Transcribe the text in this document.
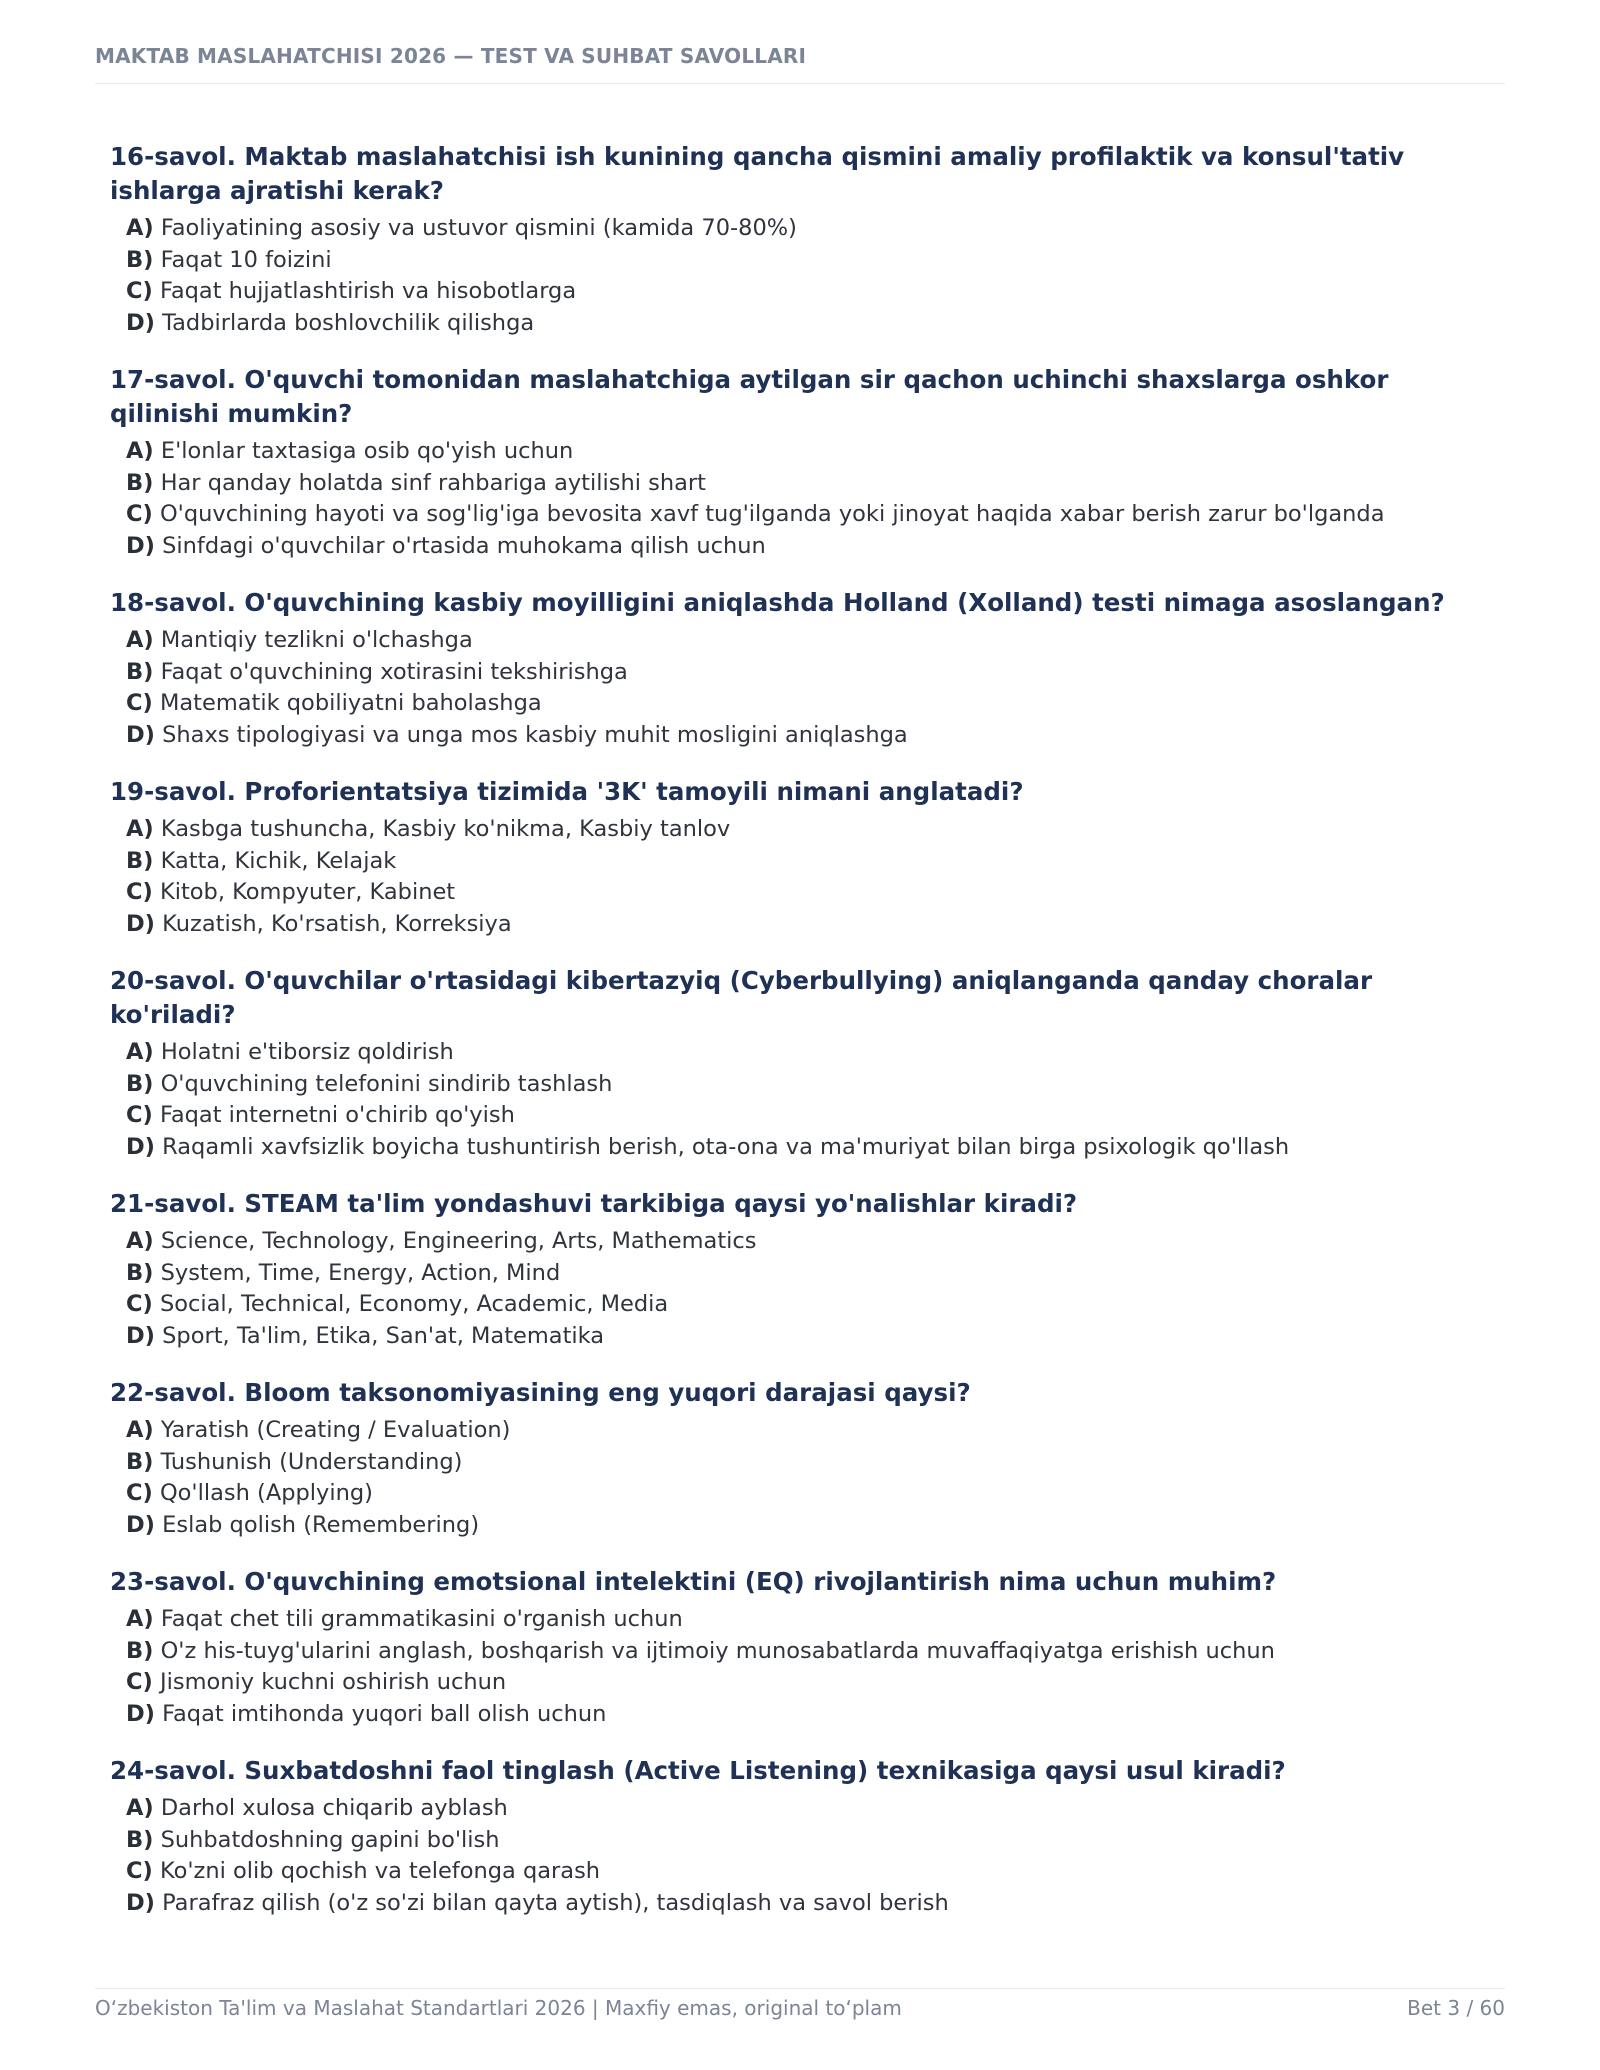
MAKTAB MASLAHATCHISI 2026 — TEST VA SUHBAT SAVOLLARI

16-savol. Maktab maslahatchisi ish kunining qancha qismini amaliy profilaktik va konsul'tativ ishlarga ajratishi kerak?

A) Faoliyatining asosiy va ustuvor qismini (kamida 70-80%)
B) Faqat 10 foizini
C) Faqat hujjatlashtirish va hisobotlarga
D) Tadbirlarda boshlovchilik qilishga

17-savol. O'quvchi tomonidan maslahatchiga aytilgan sir qachon uchinchi shaxslarga oshkor qilinishi mumkin?

A) E'lonlar taxtasiga osib qo'yish uchun
B) Har qanday holatda sinf rahbariga aytilishi shart
C) O'quvchining hayoti va sog'lig'iga bevosita xavf tug'ilganda yoki jinoyat haqida xabar berish zarur bo'lganda
D) Sinfdagi o'quvchilar o'rtasida muhokama qilish uchun

18-savol. O'quvchining kasbiy moyilligini aniqlashda Holland (Xolland) testi nimaga asoslangan?

A) Mantiqiy tezlikni o'lchashga
B) Faqat o'quvchining xotirasini tekshirishga
C) Matematik qobiliyatni baholashga
D) Shaxs tipologiyasi va unga mos kasbiy muhit mosligini aniqlashga

19-savol. Proforientatsiya tizimida '3K' tamoyili nimani anglatadi?

A) Kasbga tushuncha, Kasbiy ko'nikma, Kasbiy tanlov
B) Katta, Kichik, Kelajak
C) Kitob, Kompyuter, Kabinet
D) Kuzatish, Ko'rsatish, Korreksiya

20-savol. O'quvchilar o'rtasidagi kibertazyiq (Cyberbullying) aniqlanganda qanday choralar ko'riladi?

A) Holatni e'tiborsiz qoldirish
B) O'quvchining telefonini sindirib tashlash
C) Faqat internetni o'chirib qo'yish
D) Raqamli xavfsizlik boyicha tushuntirish berish, ota-ona va ma'muriyat bilan birga psixologik qo'llash

21-savol. STEAM ta'lim yondashuvi tarkibiga qaysi yo'nalishlar kiradi?

A) Science, Technology, Engineering, Arts, Mathematics
B) System, Time, Energy, Action, Mind
C) Social, Technical, Economy, Academic, Media
D) Sport, Ta'lim, Etika, San'at, Matematika

22-savol. Bloom taksonomiyasining eng yuqori darajasi qaysi?

A) Yaratish (Creating / Evaluation)
B) Tushunish (Understanding)
C) Qo'llash (Applying)
D) Eslab qolish (Remembering)

23-savol. O'quvchining emotsional intelektini (EQ) rivojlantirish nima uchun muhim?

A) Faqat chet tili grammatikasini o'rganish uchun
B) O'z his-tuyg'ularini anglash, boshqarish va ijtimoiy munosabatlarda muvaffaqiyatga erishish uchun
C) Jismoniy kuchni oshirish uchun
D) Faqat imtihonda yuqori ball olish uchun

24-savol. Suxbatdoshni faol tinglash (Active Listening) texnikasiga qaysi usul kiradi?

A) Darhol xulosa chiqarib ayblash
B) Suhbatdoshning gapini bo'lish
C) Ko'zni olib qochish va telefonga qarash
D) Parafraz qilish (o'z so'zi bilan qayta aytish), tasdiqlash va savol berish
O‘zbekiston Ta'lim va Maslahat Standartlari 2026 | Maxfiy emas, original to‘plam	Bet 3 / 60
